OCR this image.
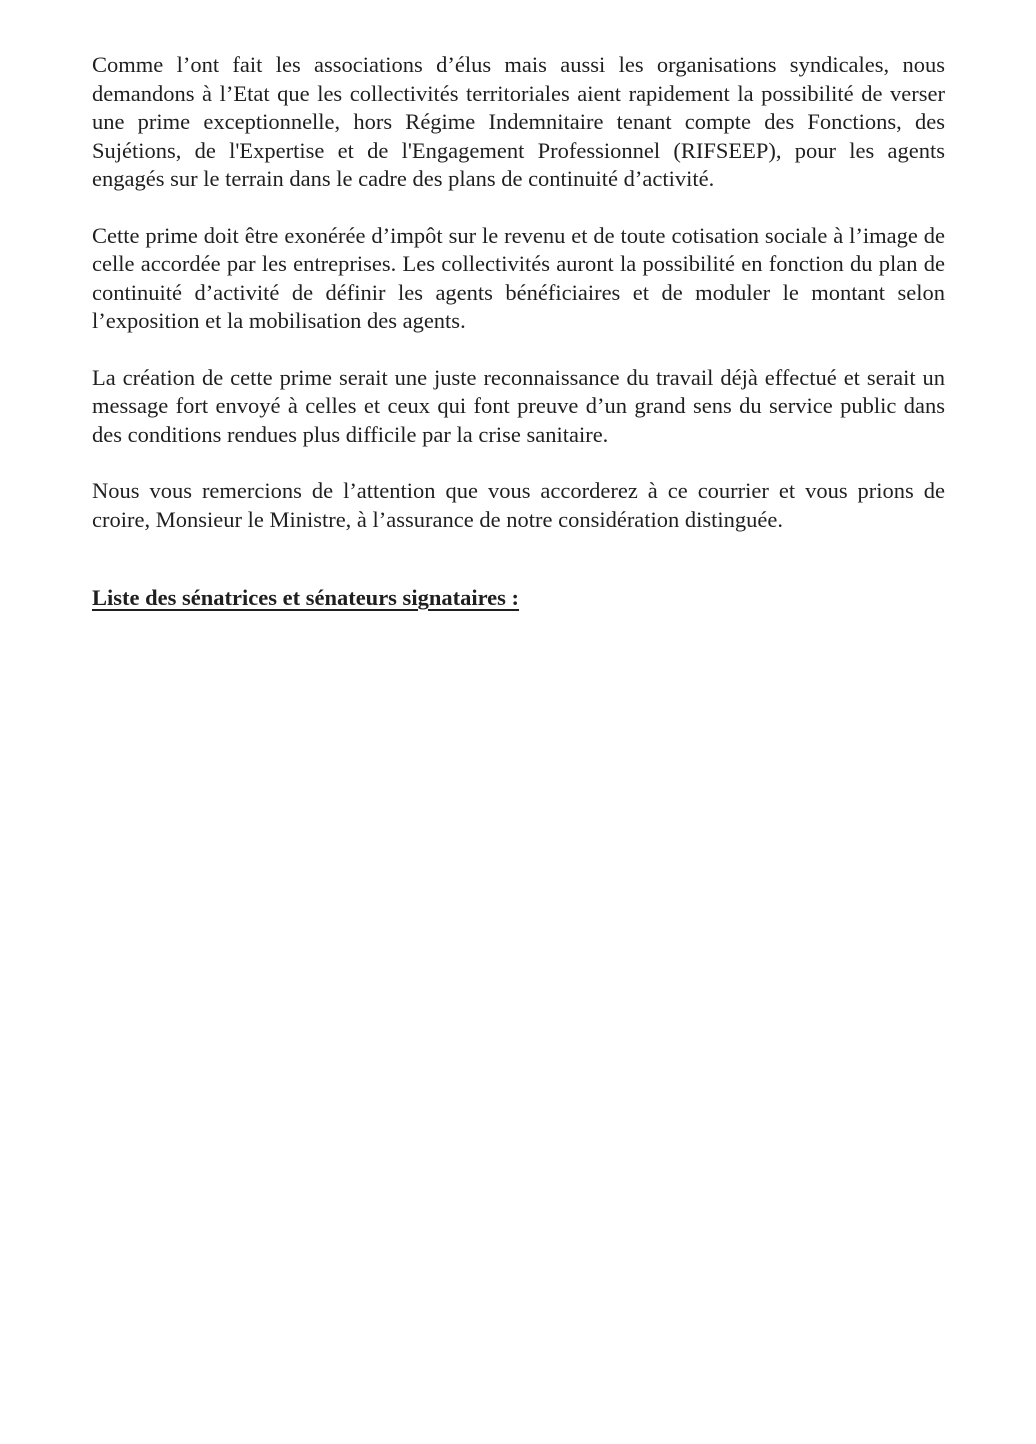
Comme l’ont fait les associations d’élus mais aussi les organisations syndicales, nous demandons à l’Etat que les collectivités territoriales aient rapidement la possibilité de verser une prime exceptionnelle, hors Régime Indemnitaire tenant compte des Fonctions, des Sujétions, de l'Expertise et de l'Engagement Professionnel (RIFSEEP), pour les agents engagés sur le terrain dans le cadre des plans de continuité d’activité.

Cette prime doit être exonérée d’impôt sur le revenu et de toute cotisation sociale à l’image de celle accordée par les entreprises. Les collectivités auront la possibilité en fonction du plan de continuité d’activité de définir les agents bénéficiaires et de moduler le montant selon l’exposition et la mobilisation des agents.

La création de cette prime serait une juste reconnaissance du travail déjà effectué et serait un message fort envoyé à celles et ceux qui font preuve d’un grand sens du service public dans des conditions rendues plus difficile par la crise sanitaire.

Nous vous remercions de l’attention que vous accorderez à ce courrier et vous prions de croire, Monsieur le Ministre, à l’assurance de notre considération distinguée.

Liste des sénatrices et sénateurs signataires :
